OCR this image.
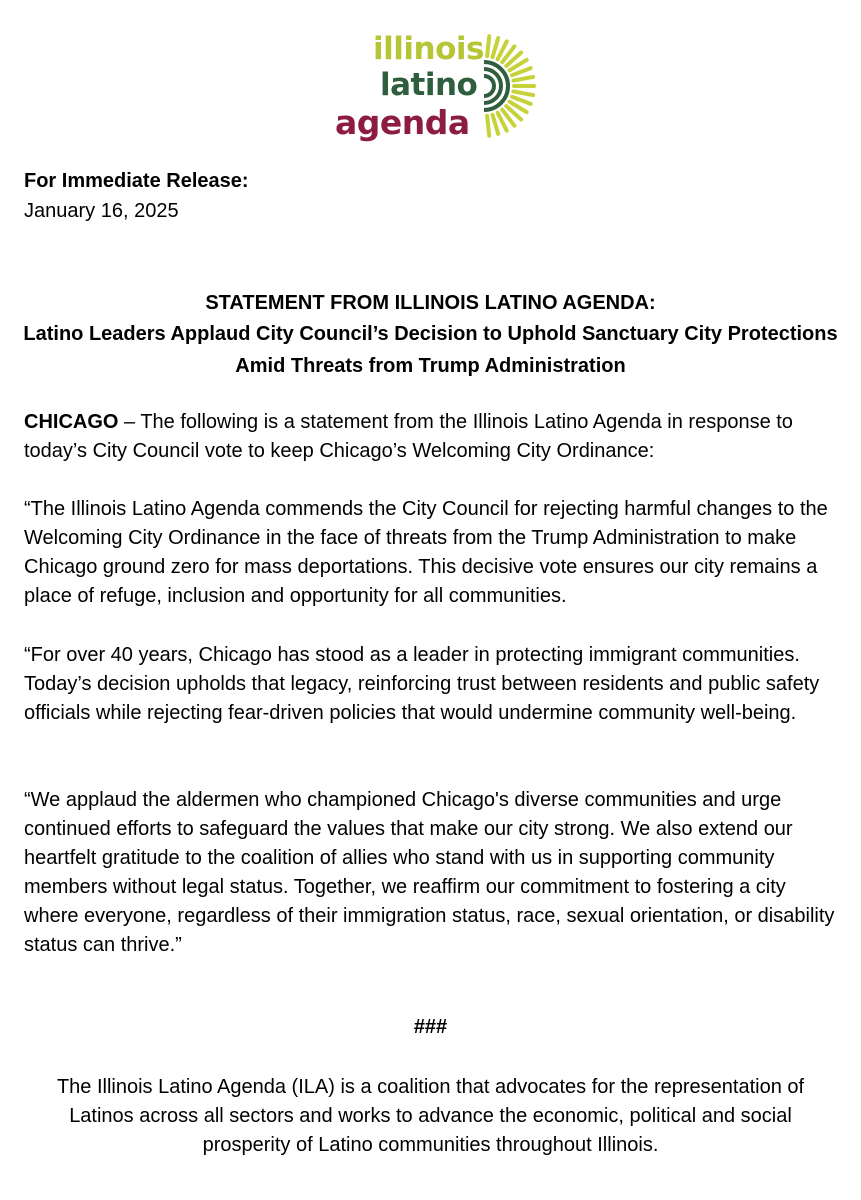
illinois
latino
agenda
For Immediate Release:
January 16, 2025

STATEMENT FROM ILLINOIS LATINO AGENDA:

Latino Leaders Applaud City Council’s Decision to Uphold Sanctuary City Protections Amid Threats from Trump Administration

CHICAGO – The following is a statement from the Illinois Latino Agenda in response to today’s City Council vote to keep Chicago’s Welcoming City Ordinance:

“The Illinois Latino Agenda commends the City Council for rejecting harmful changes to the Welcoming City Ordinance in the face of threats from the Trump Administration to make Chicago ground zero for mass deportations. This decisive vote ensures our city remains a place of refuge, inclusion and opportunity for all communities.

“For over 40 years, Chicago has stood as a leader in protecting immigrant communities. Today’s decision upholds that legacy, reinforcing trust between residents and public safety officials while rejecting fear-driven policies that would undermine community well-being.

“We applaud the aldermen who championed Chicago's diverse communities and urge continued efforts to safeguard the values that make our city strong. We also extend our heartfelt gratitude to the coalition of allies who stand with us in supporting community members without legal status. Together, we reaffirm our commitment to fostering a city where everyone, regardless of their immigration status, race, sexual orientation, or disability status can thrive.”

###

The Illinois Latino Agenda (ILA) is a coalition that advocates for the representation of Latinos across all sectors and works to advance the economic, political and social prosperity of Latino communities throughout Illinois.
